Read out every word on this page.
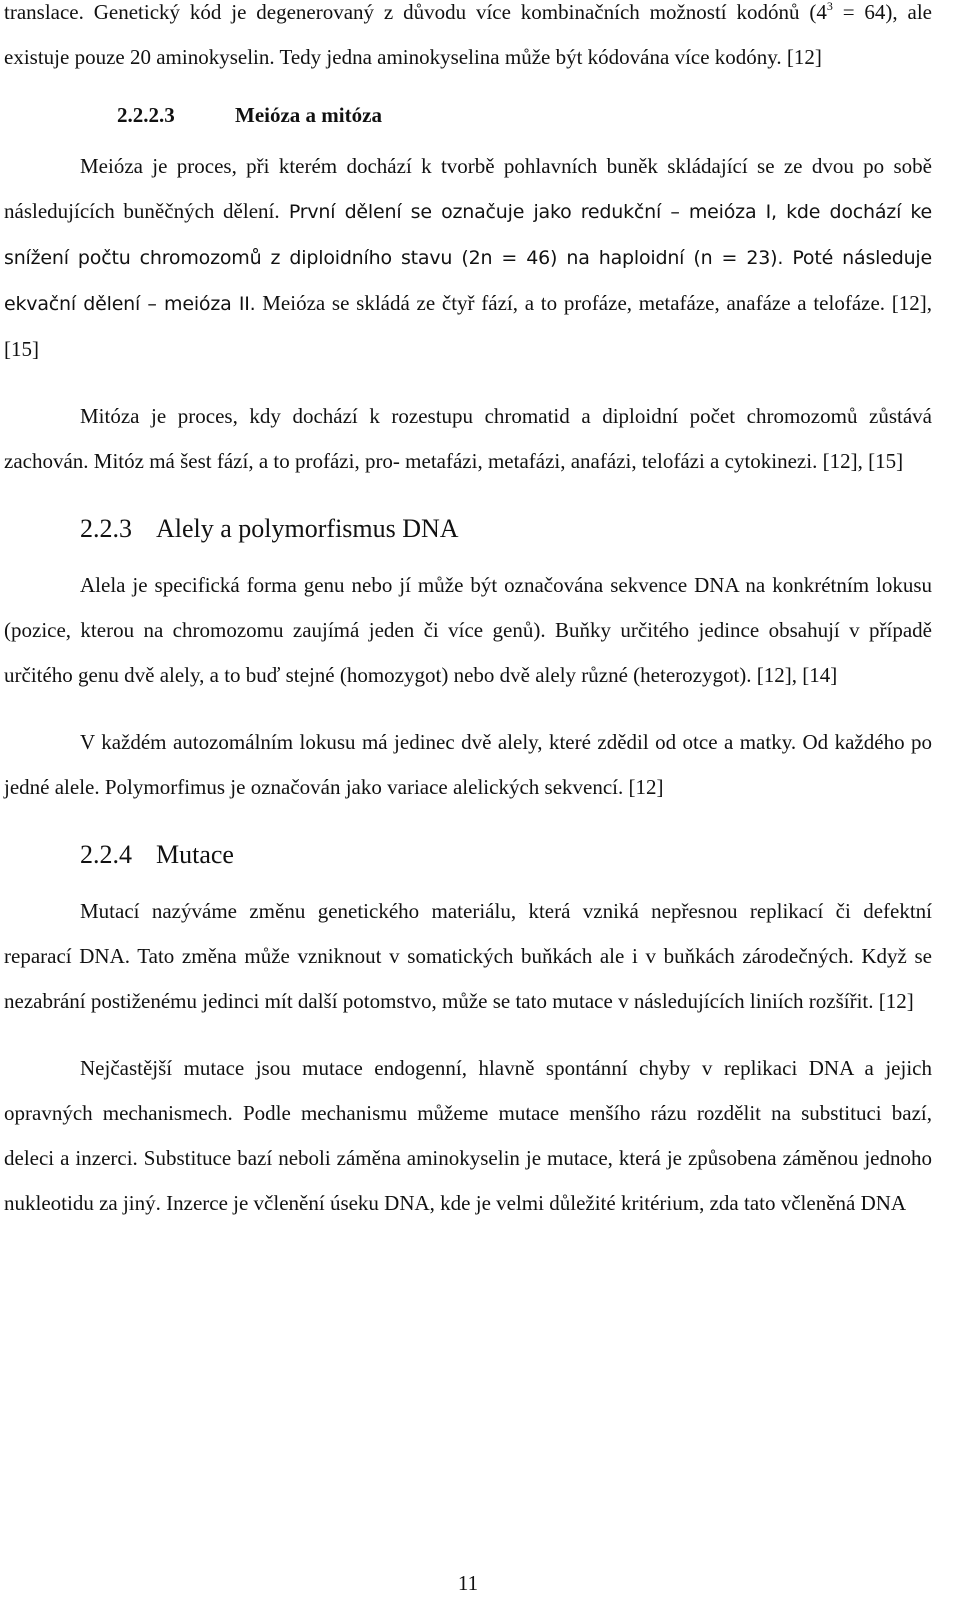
translace. Genetický kód je degenerovaný z důvodu více kombinačních možností kodónů $(4^3 = 64)$, ale existuje pouze 20 aminokyselin. Tedy jedna aminokyselina může být kódována více kodóny. [12]

2.2.2.3	Meióza a mitóza

Meióza je proces, při kterém dochází k tvorbě pohlavních buněk skládající se ze dvou po sobě následujících buněčných dělení. První dělení se označuje jako redukční – meióza I, kde dochází ke snížení počtu chromozomů z diploidního stavu (2n = 46) na haploidní (n = 23). Poté následuje ekvační dělení – meióza II. Meióza se skládá ze čtyř fází, a to profáze, metafáze, anafáze a telofáze. [12], [15]

Mitóza je proces, kdy dochází k rozestupu chromatid a diploidní počet chromozomů zůstává zachován. Mitóz má šest fází, a to profázi, pro- metafázi, metafázi, anafázi, telofázi a cytokinezi. [12], [15]

2.2.3 Alely a polymorfismus DNA

Alela je specifická forma genu nebo jí může být označována sekvence DNA na konkrétním lokusu (pozice, kterou na chromozomu zaujímá jeden či více genů). Buňky určitého jedince obsahují v případě určitého genu dvě alely, a to buď stejné (homozygot) nebo dvě alely různé (heterozygot). [12], [14]

V každém autozomálním lokusu má jedinec dvě alely, které zdědil od otce a matky. Od každého po jedné alele. Polymorfimus je označován jako variace alelických sekvencí. [12]

2.2.4 Mutace

Mutací nazýváme změnu genetického materiálu, která vzniká nepřesnou replikací či defektní reparací DNA. Tato změna může vzniknout v somatických buňkách ale i v buňkách zárodečných. Když se nezabrání postiženému jedinci mít další potomstvo, může se tato mutace v následujících liniích rozšířit. [12]

Nejčastější mutace jsou mutace endogenní, hlavně spontánní chyby v replikaci DNA a jejich opravných mechanismech. Podle mechanismu můžeme mutace menšího rázu rozdělit na substituci bazí, deleci a inzerci. Substituce bazí neboli záměna aminokyselin je mutace, která je způsobena záměnou jednoho nukleotidu za jiný. Inzerce je včlenění úseku DNA, kde je velmi důležité kritérium, zda tato včleněná DNA

11
